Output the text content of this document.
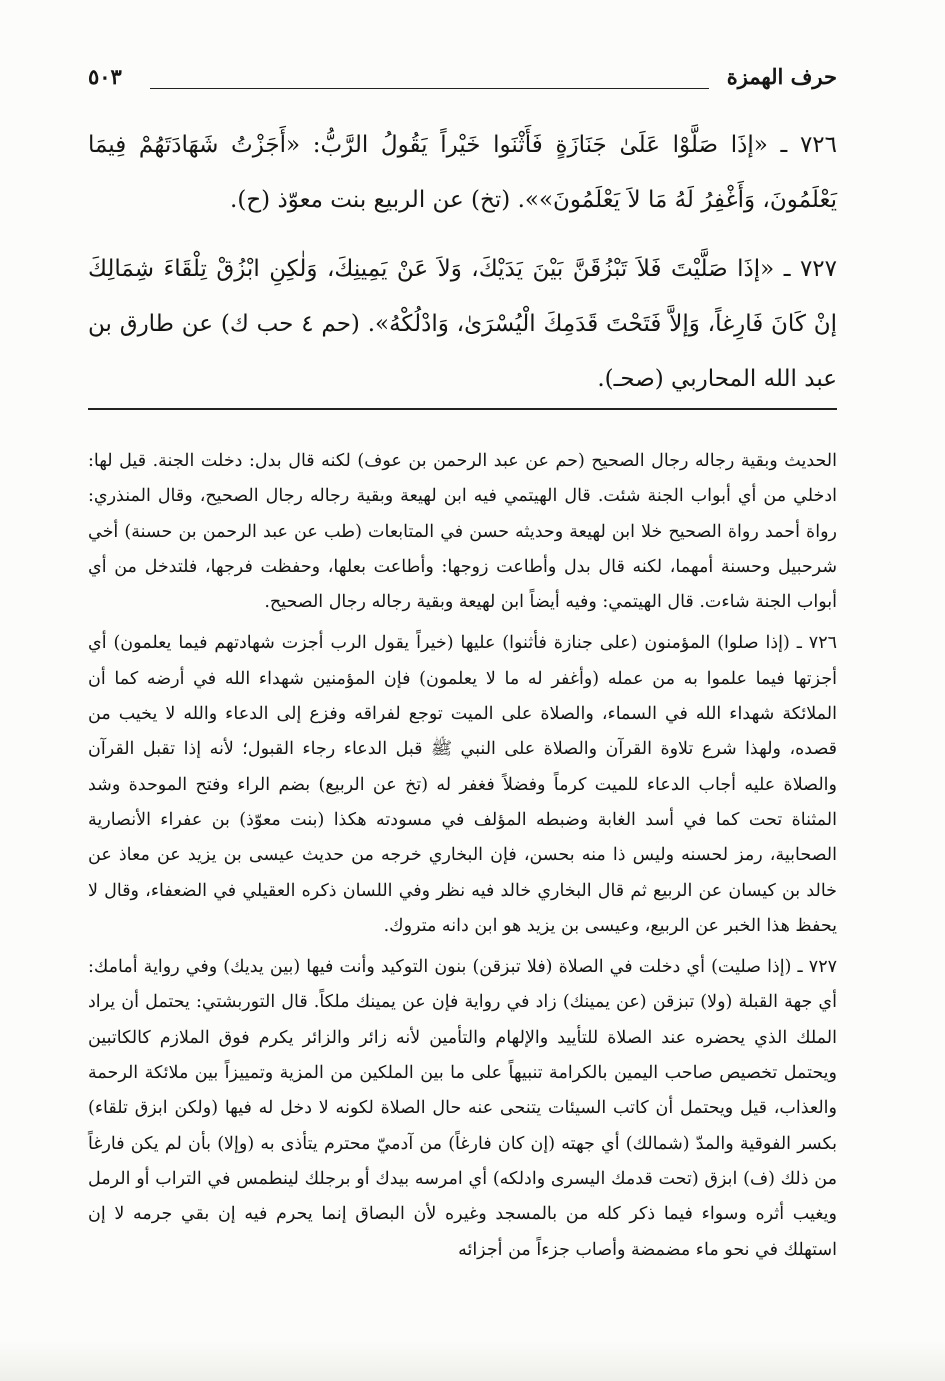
حرف الهمزة
٥٠٣

٧٢٦ ـ «إذَا صَلَّوْا عَلَىٰ جَنَازَةٍ فَأَثْنَوا خَيْراً يَقُولُ الرَّبُّ: «أَجَزْتُ شَهَادَتَهُمْ فِيمَا يَعْلَمُونَ، وَأَغْفِرُ لَهُ مَا لاَ يَعْلَمُونَ»». (تخ) عن الربيع بنت معوّذ (ح).

٧٢٧ ـ «إذَا صَلَّيْتَ فَلاَ تَبْزُقَنَّ بَيْنَ يَدَيْكَ، وَلاَ عَنْ يَمِينِكَ، وَلٰكِنِ ابْزُقْ تِلْقَاءَ شِمَالِكَ إنْ كَانَ فَارِغاً، وَإلاَّ فَتَحْتَ قَدَمِكَ الْيُسْرَىٰ، وَادْلُكْهُ». (حم ٤ حب ك) عن طارق بن عبد الله المحاربي (صحـ).

الحديث وبقية رجاله رجال الصحيح (حم عن عبد الرحمن بن عوف) لكنه قال بدل: دخلت الجنة. قيل لها: ادخلي من أي أبواب الجنة شئت. قال الهيتمي فيه ابن لهيعة وبقية رجاله رجال الصحيح، وقال المنذري: رواة أحمد رواة الصحيح خلا ابن لهيعة وحديثه حسن في المتابعات (طب عن عبد الرحمن بن حسنة) أخي شرحبيل وحسنة أمهما، لكنه قال بدل وأطاعت زوجها: وأطاعت بعلها، وحفظت فرجها، فلتدخل من أي أبواب الجنة شاءت. قال الهيتمي: وفيه أيضاً ابن لهيعة وبقية رجاله رجال الصحيح.

٧٢٦ ـ (إذا صلوا) المؤمنون (على جنازة فأثنوا) عليها (خيراً يقول الرب أجزت شهادتهم فيما يعلمون) أي أجزتها فيما علموا به من عمله (وأغفر له ما لا يعلمون) فإن المؤمنين شهداء الله في أرضه كما أن الملائكة شهداء الله في السماء، والصلاة على الميت توجع لفراقه وفزع إلى الدعاء والله لا يخيب من قصده، ولهذا شرع تلاوة القرآن والصلاة على النبي ﷺ قبل الدعاء رجاء القبول؛ لأنه إذا تقبل القرآن والصلاة عليه أجاب الدعاء للميت كرماً وفضلاً فغفر له (تخ عن الربيع) بضم الراء وفتح الموحدة وشد المثناة تحت كما في أسد الغابة وضبطه المؤلف في مسودته هكذا (بنت معوّذ) بن عفراء الأنصارية الصحابية، رمز لحسنه وليس ذا منه بحسن، فإن البخاري خرجه من حديث عيسى بن يزيد عن معاذ عن خالد بن كيسان عن الربيع ثم قال البخاري خالد فيه نظر وفي اللسان ذكره العقيلي في الضعفاء، وقال لا يحفظ هذا الخبر عن الربيع، وعيسى بن يزيد هو ابن دانه متروك.

٧٢٧ ـ (إذا صليت) أي دخلت في الصلاة (فلا تبزقن) بنون التوكيد وأنت فيها (بين يديك) وفي رواية أمامك: أي جهة القبلة (ولا) تبزقن (عن يمينك) زاد في رواية فإن عن يمينك ملكاً. قال التوربشتي: يحتمل أن يراد الملك الذي يحضره عند الصلاة للتأييد والإلهام والتأمين لأنه زائر والزائر يكرم فوق الملازم كالكاتبين ويحتمل تخصيص صاحب اليمين بالكرامة تنبيهاً على ما بين الملكين من المزية وتمييزاً بين ملائكة الرحمة والعذاب، قيل ويحتمل أن كاتب السيئات يتنحى عنه حال الصلاة لكونه لا دخل له فيها (ولكن ابزق تلقاء) بكسر الفوقية والمدّ (شمالك) أي جهته (إن كان فارغاً) من آدميّ محترم يتأذى به (وإلا) بأن لم يكن فارغاً من ذلك (ف) ابزق (تحت قدمك اليسرى وادلكه) أي امرسه بيدك أو برجلك لينطمس في التراب أو الرمل ويغيب أثره وسواء فيما ذكر كله من بالمسجد وغيره لأن البصاق إنما يحرم فيه إن بقي جرمه لا إن استهلك في نحو ماء مضمضة وأصاب جزءاً من أجزائه
